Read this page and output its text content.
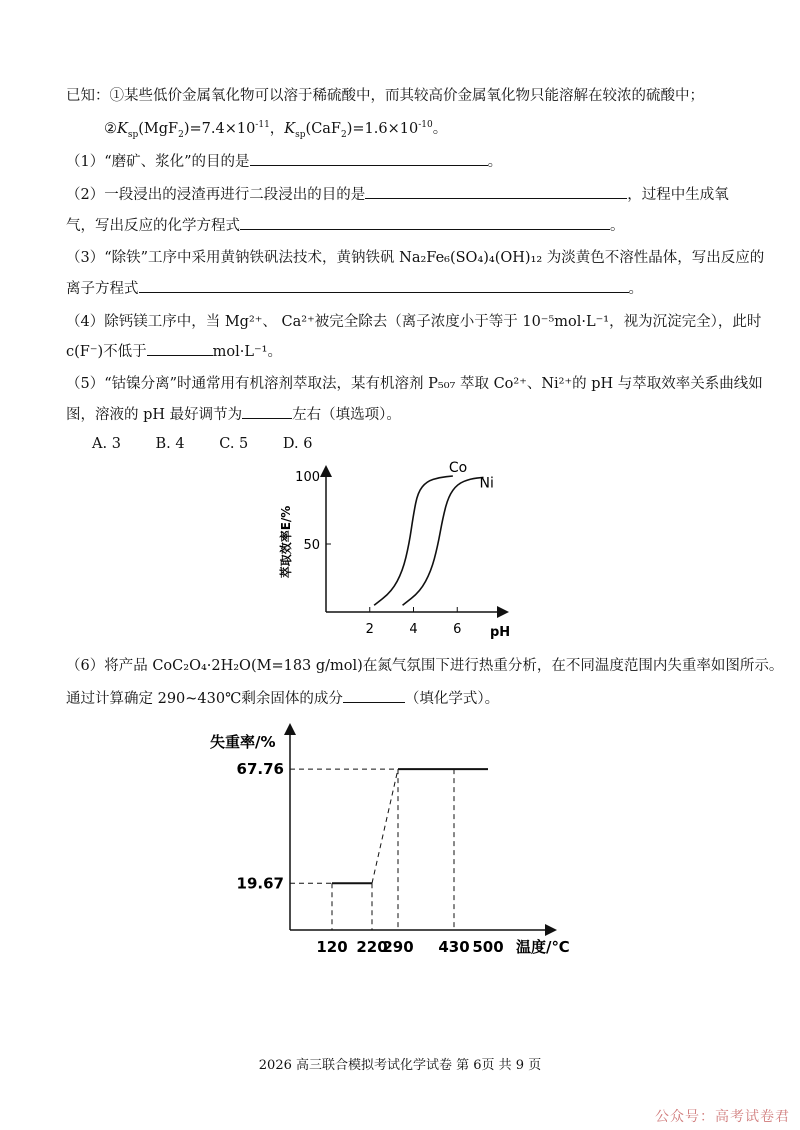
已知：①某些低价金属氧化物可以溶于稀硫酸中，而其较高价金属氧化物只能溶解在较浓的硫酸中；
$②K_{sp}(MgF_2)=7.4\times 10^{-11}$，$K_{sp}(CaF_2)=1.6\times 10^{-10}$。
（1）“磨矿、浆化”的目的是	。
（2）一段浸出的浸渣再进行二段浸出的目的是	，过程中生成氧
气，写出反应的化学方程式	。
（3）“除铁”工序中采用黄钠铁矾法技术，黄钠铁矾 Na₂Fe₆(SO₄)₄(OH)₁₂ 为淡黄色不溶性晶体，写出反应的
离子方程式	。
（4）除钙镁工序中，当 Mg²⁺、 Ca²⁺被完全除去（离子浓度小于等于 10⁻⁵mol·L⁻¹，视为沉淀完全），此时
c(F⁻)不低于	mol·L⁻¹。
（5）“钴镍分离”时通常用有机溶剂萃取法，某有机溶剂 P₅₀₇ 萃取 Co²⁺、Ni²⁺的 pH 与萃取效率关系曲线如
图，溶液的 pH 最好调节为	左右（填选项）。
A. 3 B. 4 C. 5 D. 6
2	4	6
50
100
Co
Ni
萃取效率E/%
pH
（6）将产品 CoC₂O₄·2H₂O(M=183 g/mol)在氮气氛围下进行热重分析，在不同温度范围内失重率如图所示。
通过计算确定 290~430℃剩余固体的成分	（填化学式）。
19.67
67.76
120 220
290 430 500
失重率/%
温度/℃
2026 高三联合模拟考试化学试卷 第 6页 共 9 页
公众号：高考试卷君
